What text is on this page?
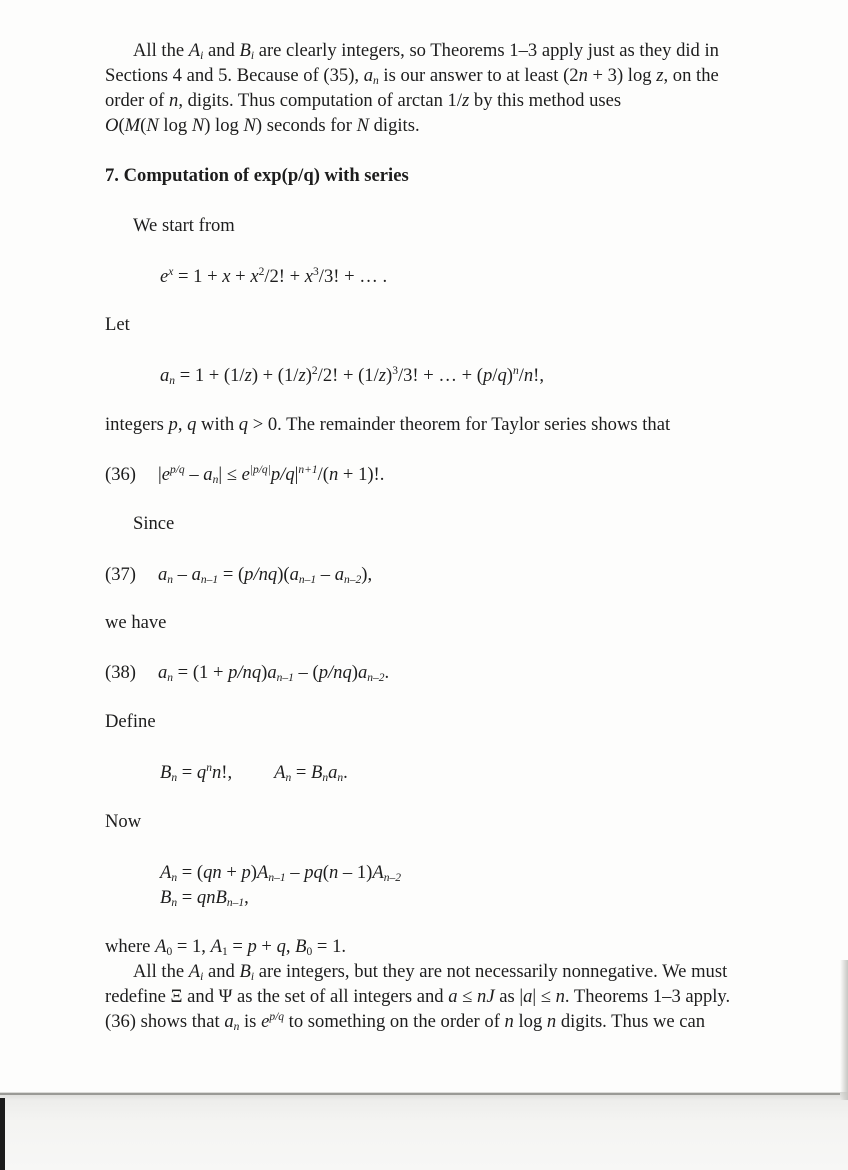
All the $A_i$ and $B_i$ are clearly integers, so Theorems 1–3 apply just as they did in
Sections 4 and 5. Because of (35), $a_n$ is our answer to at least (2n + 3) log z, on the
order of n, digits. Thus computation of arctan 1/z by this method uses
O(M(N log N) log N) seconds for N digits.
7. Computation of exp(p/q) with series
We start from
$e^x = 1 + x + x^2/2$! + $x^3/3$! + … .
Let
$a_n = 1 + (1/z) + (1/z)^2/2$! + $(1/z)^3/3$! + … + $(p/q)^n/n$!,
integers p, q with q > 0. The remainder theorem for Taylor series shows that
(36) $|e^{p/q} - a_n| \le e^{|p/q|}p/q|^{n+1}/(n + 1)$!.
Since
(37) $a_n - a_{n-1} = (p/nq)(a_{n-1} - a_{n-2})$,
we have
(38) $a_n = (1 + p/nq)a_{n-1} - (p/nq)a_{n-2}$.
Define
$B_n = q^nn$!, $A_n = B_na_n$.
Now
$A_n = (qn + p)A_{n-1} - pq(n - 1)A_{n-2}$
$B_n = qnB_{n-1}$,
where $A_0 = 1$, $A_1 = p + q$, $B_0 = 1$.
All the $A_i$ and $B_i$ are integers, but they are not necessarily nonnegative. We must
redefine Ξ and Ψ as the set of all integers and a ≤ nJ as |a| ≤ n. Theorems 1–3 apply.
(36) shows that $a_n$ is $e^{p/q}$ to something on the order of n log n digits. Thus we can
